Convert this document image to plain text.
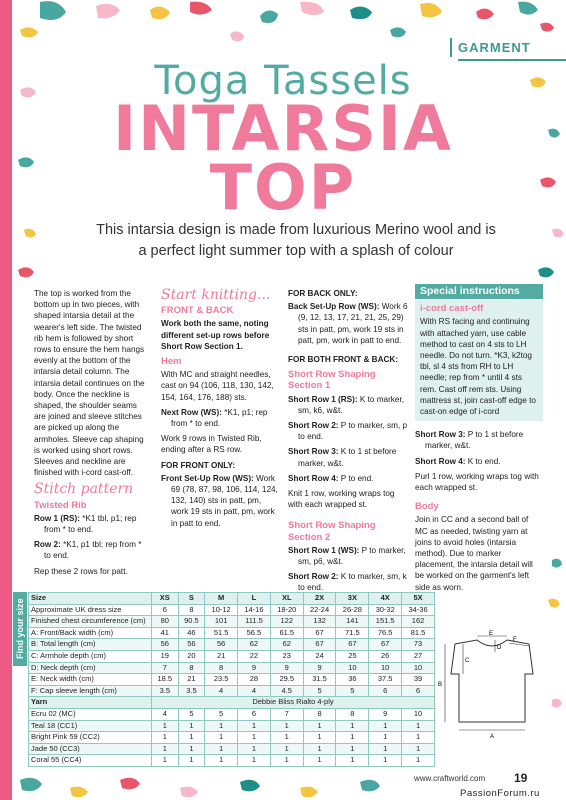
GARMENT
Toga Tassels
INTARSIA
TOP
This intarsia design is made from luxurious Merino wool and is a perfect light summer top with a splash of colour

The top is worked from the bottom up in two pieces, with shaped intarsia detail at the wearer's left side. The twisted rib hem is followed by short rows to ensure the hem hangs evenly at the bottom of the intarsia detail column. The intarsia detail continues on the body. Once the neckline is shaped, the shoulder seams are joined and sleeve stitches are picked up along the armholes. Sleeve cap shaping is worked using short rows. Sleeves and neckline are finished with i-cord cast-off.

Stitch pattern
Twisted Rib

Row 1 (RS): *K1 tbl, p1; rep from * to end.

Row 2: *K1, p1 tbl; rep from * to end.

Rep these 2 rows for patt.

Start knitting...
FRONT & BACK

Work both the same, noting different set-up rows before Short Row Section 1.

Hem

With MC and straight needles, cast on 94 (106, 118, 130, 142, 154, 164, 176, 188) sts.

Next Row (WS): *K1, p1; rep from * to end.

Work 9 rows in Twisted Rib, ending after a RS row.

FOR FRONT ONLY:

Front Set-Up Row (WS): Work 69 (78, 87, 98, 106, 114, 124, 132, 140) sts in patt, pm, work 19 sts in patt, pm, work in patt to end.

FOR BACK ONLY:

Back Set-Up Row (WS): Work 6 (9, 12, 13, 17, 21, 21, 25, 29) sts in patt, pm, work 19 sts in patt, pm, work in patt to end.

FOR BOTH FRONT & BACK:
Short Row Shaping Section 1

Short Row 1 (RS): K to marker, sm, k6, w&t.

Short Row 2: P to marker, sm, p to end.

Short Row 3: K to 1 st before marker, w&t.

Short Row 4: P to end.

Knit 1 row, working wraps tog with each wrapped st.

Short Row Shaping Section 2

Short Row 1 (WS): P to marker, sm, p6, w&t.

Short Row 2: K to marker, sm, k to end.

Special instructions
i-cord cast-off

With RS facing and continuing with attached yarn, use cable method to cast on 4 sts to LH needle. Do not turn. *K3, k2tog tbl, sl 4 sts from RH to LH needle; rep from * until 4 sts rem. Cast off rem sts. Using mattress st, join cast-off edge to cast-on edge of i-cord

Short Row 3: P to 1 st before marker, w&t.

Short Row 4: K to end.

Purl 1 row, working wraps tog with each wrapped st.

Body

Join in CC and a second ball of MC as needed, twisting yarn at joins to avoid holes (intarsia method). Due to marker placement, the intarsia detail will be worked on the garment's left side as worn.

Find your size
Size	XS	S	M	L	XL	2X	3X	4X	5X
Approximate UK dress size	6	8	10-12	14-16	18-20	22-24	26-28	30-32	34-36
Finished chest circumference (cm)	80	90.5	101	111.5	122	132	141	151.5	162
A: Front/Back width (cm)	41	46	51.5	56.5	61.5	67	71.5	76.5	81.5
B: Total length (cm)	56	56	56	62	62	67	67	67	73
C: Armhole depth (cm)	19	20	21	22	23	24	25	26	27
D: Neck depth (cm)	7	8	8	9	9	9	10	10	10
E: Neck width (cm)	18.5	21	23.5	28	29.5	31.5	36	37.5	39
F: Cap sleeve length (cm)	3.5	3.5	4	4	4.5	5	5	6	6
Yarn	Debbie Bliss Rialto 4-ply								
Ecru 02 (MC)	4	5	5	6	7	8	8	9	10
Teal 18 (CC1)	1	1	1	1	1	1	1	1	1
Bright Pink 59 (CC2)	1	1	1	1	1	1	1	1	1
Jade 50 (CC3)	1	1	1	1	1	1	1	1	1
Coral 55 (CC4)	1	1	1	1	1	1	1	1	1
A
B
C
D
E
F
www.craftworld.com 19
PassionForum.ru
